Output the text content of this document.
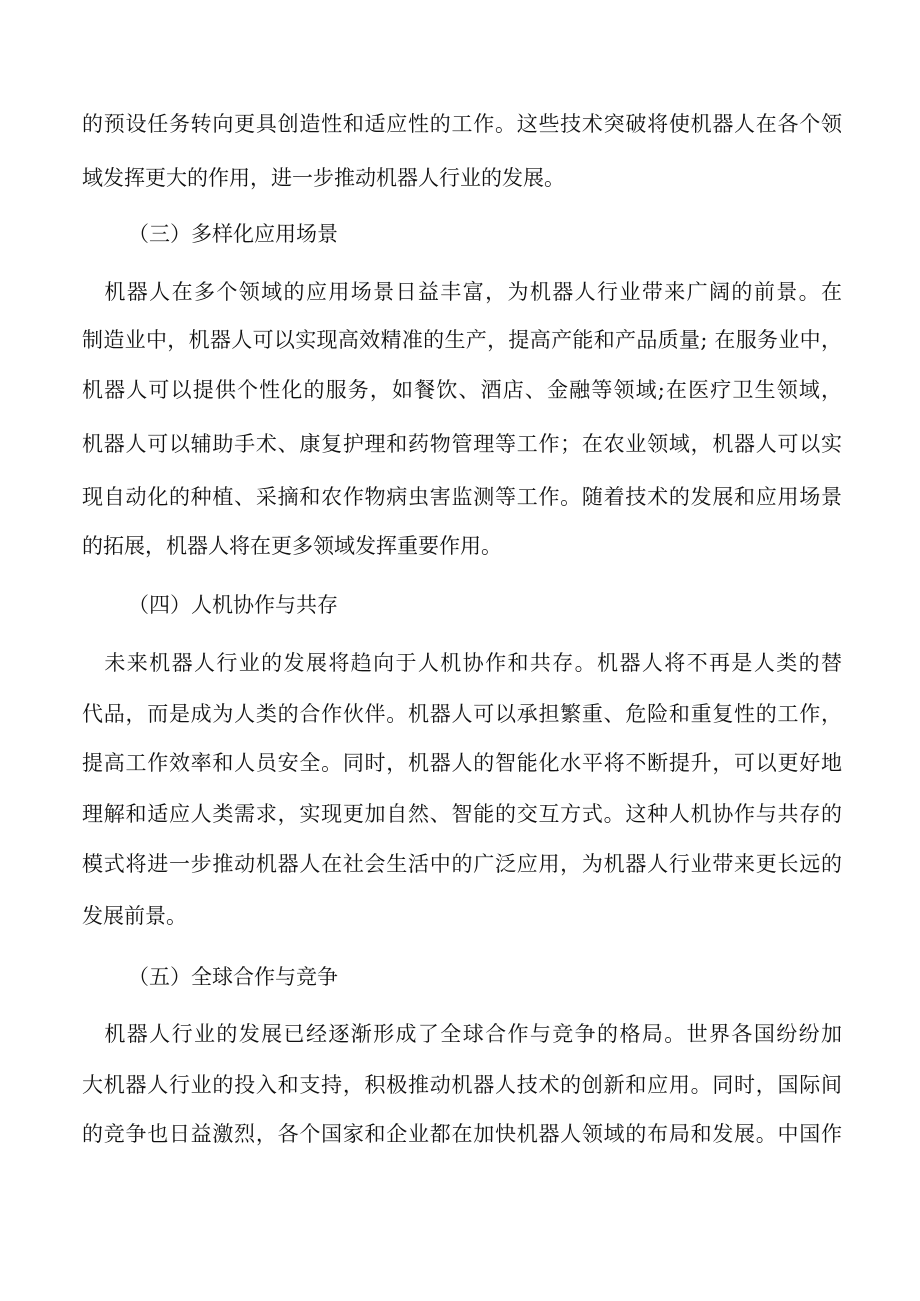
的预设任务转向更具创造性和适应性的工作。这些技术突破将使机器人在各个领
域发挥更大的作用，进一步推动机器人行业的发展。
（三）多样化应用场景
　机器人在多个领域的应用场景日益丰富，为机器人行业带来广阔的前景。在
制造业中，机器人可以实现高效精准的生产，提高产能和产品质量; 在服务业中，
机器人可以提供个性化的服务，如餐饮、酒店、金融等领域;在医疗卫生领域，
机器人可以辅助手术、康复护理和药物管理等工作；在农业领域，机器人可以实
现自动化的种植、采摘和农作物病虫害监测等工作。随着技术的发展和应用场景
的拓展，机器人将在更多领域发挥重要作用。
（四）人机协作与共存
　未来机器人行业的发展将趋向于人机协作和共存。机器人将不再是人类的替
代品，而是成为人类的合作伙伴。机器人可以承担繁重、危险和重复性的工作，
提高工作效率和人员安全。同时，机器人的智能化水平将不断提升，可以更好地
理解和适应人类需求，实现更加自然、智能的交互方式。这种人机协作与共存的
模式将进一步推动机器人在社会生活中的广泛应用，为机器人行业带来更长远的
发展前景。
（五）全球合作与竞争
　机器人行业的发展已经逐渐形成了全球合作与竞争的格局。世界各国纷纷加
大机器人行业的投入和支持，积极推动机器人技术的创新和应用。同时，国际间
的竞争也日益激烈，各个国家和企业都在加快机器人领域的布局和发展。中国作
